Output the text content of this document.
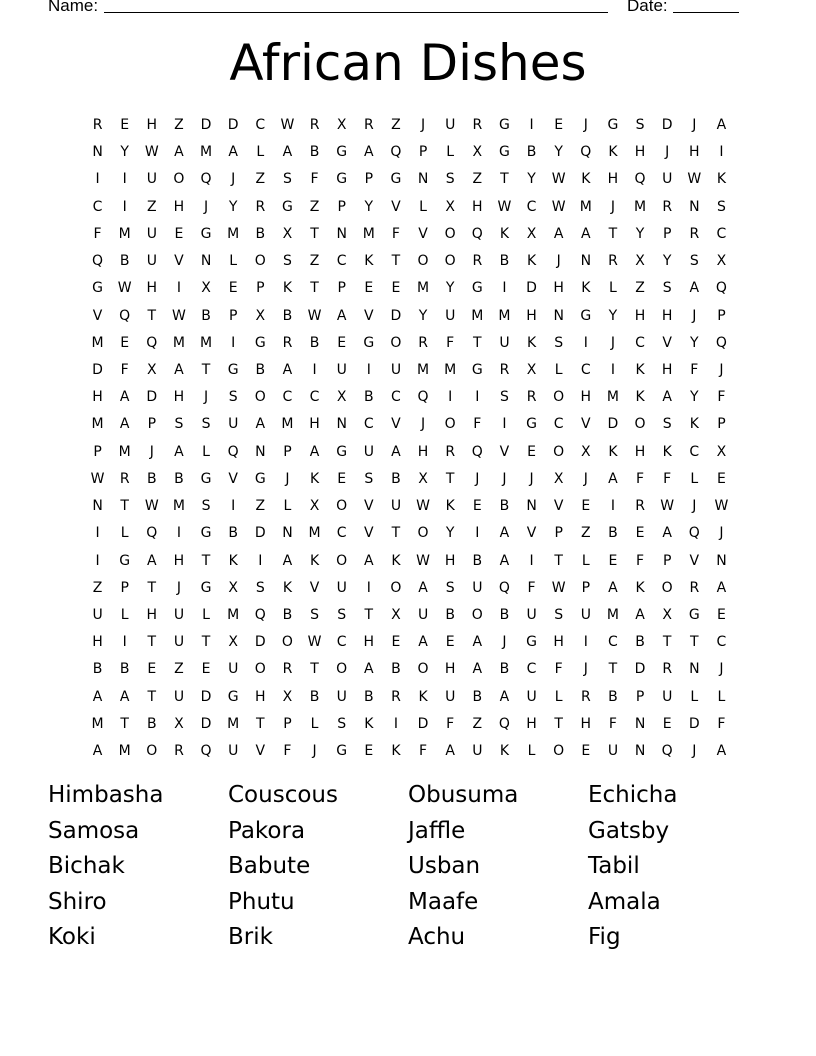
Name:	Date:
African Dishes
R	E	H	Z	D	D	C	W	R	X	R	Z	J	U	R	G	I	E	J	G	S	D	J	A
N	Y	W	A	M	A	L	A	B	G	A	Q	P	L	X	G	B	Y	Q	K	H	J	H	I
I	I	U	O	Q	J	Z	S	F	G	P	G	N	S	Z	T	Y	W	K	H	Q	U	W	K
C	I	Z	H	J	Y	R	G	Z	P	Y	V	L	X	H	W	C	W	M	J	M	R	N	S
F	M	U	E	G	M	B	X	T	N	M	F	V	O	Q	K	X	A	A	T	Y	P	R	C
Q	B	U	V	N	L	O	S	Z	C	K	T	O	O	R	B	K	J	N	R	X	Y	S	X
G	W	H	I	X	E	P	K	T	P	E	E	M	Y	G	I	D	H	K	L	Z	S	A	Q
V	Q	T	W	B	P	X	B	W	A	V	D	Y	U	M	M	H	N	G	Y	H	H	J	P
M	E	Q	M	M	I	G	R	B	E	G	O	R	F	T	U	K	S	I	J	C	V	Y	Q
D	F	X	A	T	G	B	A	I	U	I	U	M	M	G	R	X	L	C	I	K	H	F	J
H	A	D	H	J	S	O	C	C	X	B	C	Q	I	I	S	R	O	H	M	K	A	Y	F
M	A	P	S	S	U	A	M	H	N	C	V	J	O	F	I	G	C	V	D	O	S	K	P
P	M	J	A	L	Q	N	P	A	G	U	A	H	R	Q	V	E	O	X	K	H	K	C	X
W	R	B	B	G	V	G	J	K	E	S	B	X	T	J	J	J	X	J	A	F	F	L	E
N	T	W	M	S	I	Z	L	X	O	V	U	W	K	E	B	N	V	E	I	R	W	J	W
I	L	Q	I	G	B	D	N	M	C	V	T	O	Y	I	A	V	P	Z	B	E	A	Q	J
I	G	A	H	T	K	I	A	K	O	A	K	W	H	B	A	I	T	L	E	F	P	V	N
Z	P	T	J	G	X	S	K	V	U	I	O	A	S	U	Q	F	W	P	A	K	O	R	A
U	L	H	U	L	M	Q	B	S	S	T	X	U	B	O	B	U	S	U	M	A	X	G	E
H	I	T	U	T	X	D	O	W	C	H	E	A	E	A	J	G	H	I	C	B	T	T	C
B	B	E	Z	E	U	O	R	T	O	A	B	O	H	A	B	C	F	J	T	D	R	N	J
A	A	T	U	D	G	H	X	B	U	B	R	K	U	B	A	U	L	R	B	P	U	L	L
M	T	B	X	D	M	T	P	L	S	K	I	D	F	Z	Q	H	T	H	F	N	E	D	F
A	M	O	R	Q	U	V	F	J	G	E	K	F	A	U	K	L	O	E	U	N	Q	J	A
Himbasha	Couscous	Obusuma	Echicha
Samosa	Pakora	Jaffle	Gatsby
Bichak	Babute	Usban	Tabil
Shiro	Phutu	Maafe	Amala
Koki	Brik	Achu	Fig
